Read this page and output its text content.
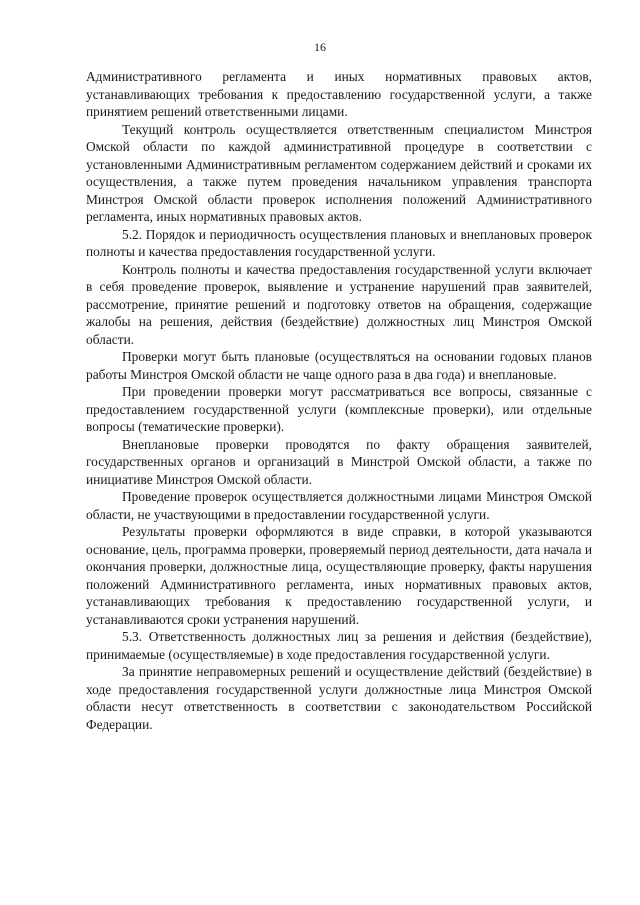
16

Административного регламента и иных нормативных правовых актов, устанавливающих требования к предоставлению государственной услуги, а также принятием решений ответственными лицами.

Текущий контроль осуществляется ответственным специалистом Минстроя Омской области по каждой административной процедуре в соответствии с установленными Административным регламентом содержанием действий и сроками их осуществления, а также путем проведения начальником управления транспорта Минстроя Омской области проверок исполнения положений Административного регламента, иных нормативных правовых актов.

5.2. Порядок и периодичность осуществления плановых и внеплановых проверок полноты и качества предоставления государственной услуги.

Контроль полноты и качества предоставления государственной услуги включает в себя проведение проверок, выявление и устранение нарушений прав заявителей, рассмотрение, принятие решений и подготовку ответов на обращения, содержащие жалобы на решения, действия (бездействие) должностных лиц Минстроя Омской области.

Проверки могут быть плановые (осуществляться на основании годовых планов работы Минстроя Омской области не чаще одного раза в два года) и внеплановые.

При проведении проверки могут рассматриваться все вопросы, связанные с предоставлением государственной услуги (комплексные проверки), или отдельные вопросы (тематические проверки).

Внеплановые проверки проводятся по факту обращения заявителей, государственных органов и организаций в Минстрой Омской области, а также по инициативе Минстроя Омской области.

Проведение проверок осуществляется должностными лицами Минстроя Омской области, не участвующими в предоставлении государственной услуги.

Результаты проверки оформляются в виде справки, в которой указываются основание, цель, программа проверки, проверяемый период деятельности, дата начала и окончания проверки, должностные лица, осуществляющие проверку, факты нарушения положений Административного регламента, иных нормативных правовых актов, устанавливающих требования к предоставлению государственной услуги, и устанавливаются сроки устранения нарушений.

5.3. Ответственность должностных лиц за решения и действия (бездействие), принимаемые (осуществляемые) в ходе предоставления государственной услуги.

За принятие неправомерных решений и осуществление действий (бездействие) в ходе предоставления государственной услуги должностные лица Минстроя Омской области несут ответственность в соответствии с законодательством Российской Федерации.
